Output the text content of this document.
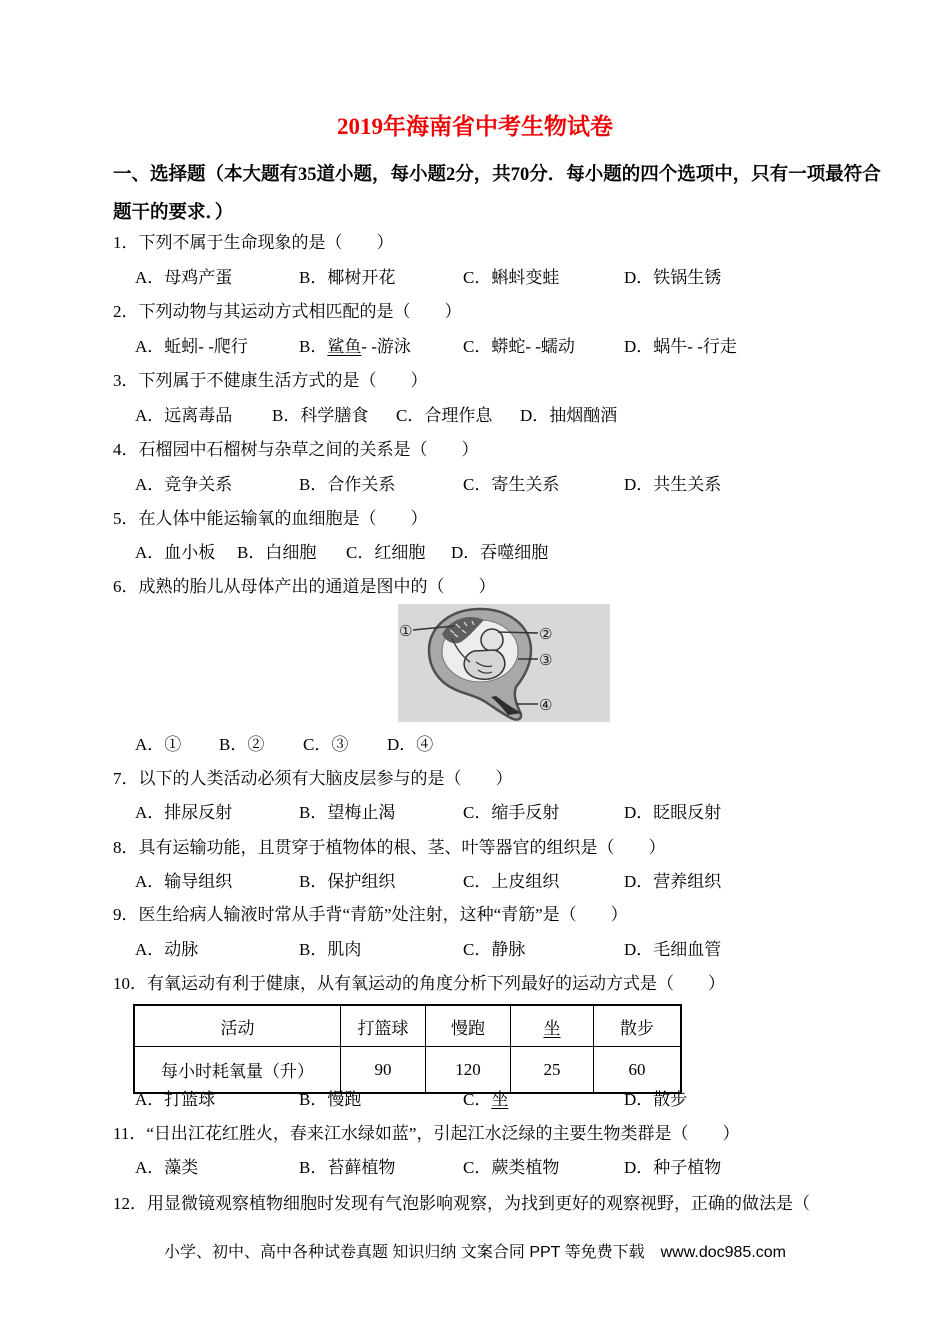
2019年海南省中考生物试卷
一、选择题（本大题有35道小题，每小题2分，共70分．每小题的四个选项中，只有一项最符合
题干的要求．）
1．下列不属于生命现象的是（　　）
A．母鸡产蛋	B．椰树开花	C．蝌蚪变蛙	D．铁锅生锈
2．下列动物与其运动方式相匹配的是（　　）
A．蚯蚓- -爬行	B．鲨鱼- -游泳	C．蟒蛇- -蠕动	D．蜗牛- -行走
3．下列属于不健康生活方式的是（　　）
A．远离毒品	B．科学膳食	C．合理作息	D．抽烟酗酒
4．石榴园中石榴树与杂草之间的关系是（　　）
A．竞争关系	B．合作关系	C．寄生关系	D．共生关系
5．在人体中能运输氧的血细胞是（　　）
A．血小板	B．白细胞	C．红细胞	D．吞噬细胞
6．成熟的胎儿从母体产出的通道是图中的（　　）
①	②
③
④
A．①	B．②	C．③	D．④
7．以下的人类活动必须有大脑皮层参与的是（　　）
A．排尿反射	B．望梅止渴	C．缩手反射	D．眨眼反射
8．具有运输功能，且贯穿于植物体的根、茎、叶等器官的组织是（　　）
A．输导组织	B．保护组织	C．上皮组织	D．营养组织
9．医生给病人输液时常从手背“青筋”处注射，这种“青筋”是（　　）
A．动脉	B．肌肉	C．静脉	D．毛细血管
10．有氧运动有利于健康，从有氧运动的角度分析下列最好的运动方式是（　　）
活动	打篮球	慢跑	坐	散步
每小时耗氧量（升）	90	120	25	60
A．打篮球	B．慢跑	C．坐	D．散步
11．“日出江花红胜火，春来江水绿如蓝”，引起江水泛绿的主要生物类群是（　　）
A．藻类	B．苔藓植物	C．蕨类植物	D．种子植物
12．用显微镜观察植物细胞时发现有气泡影响观察，为找到更好的观察视野，正确的做法是（
小学、初中、高中各种试卷真题 知识归纳 文案合同 PPT 等免费下载　www.doc985.com
